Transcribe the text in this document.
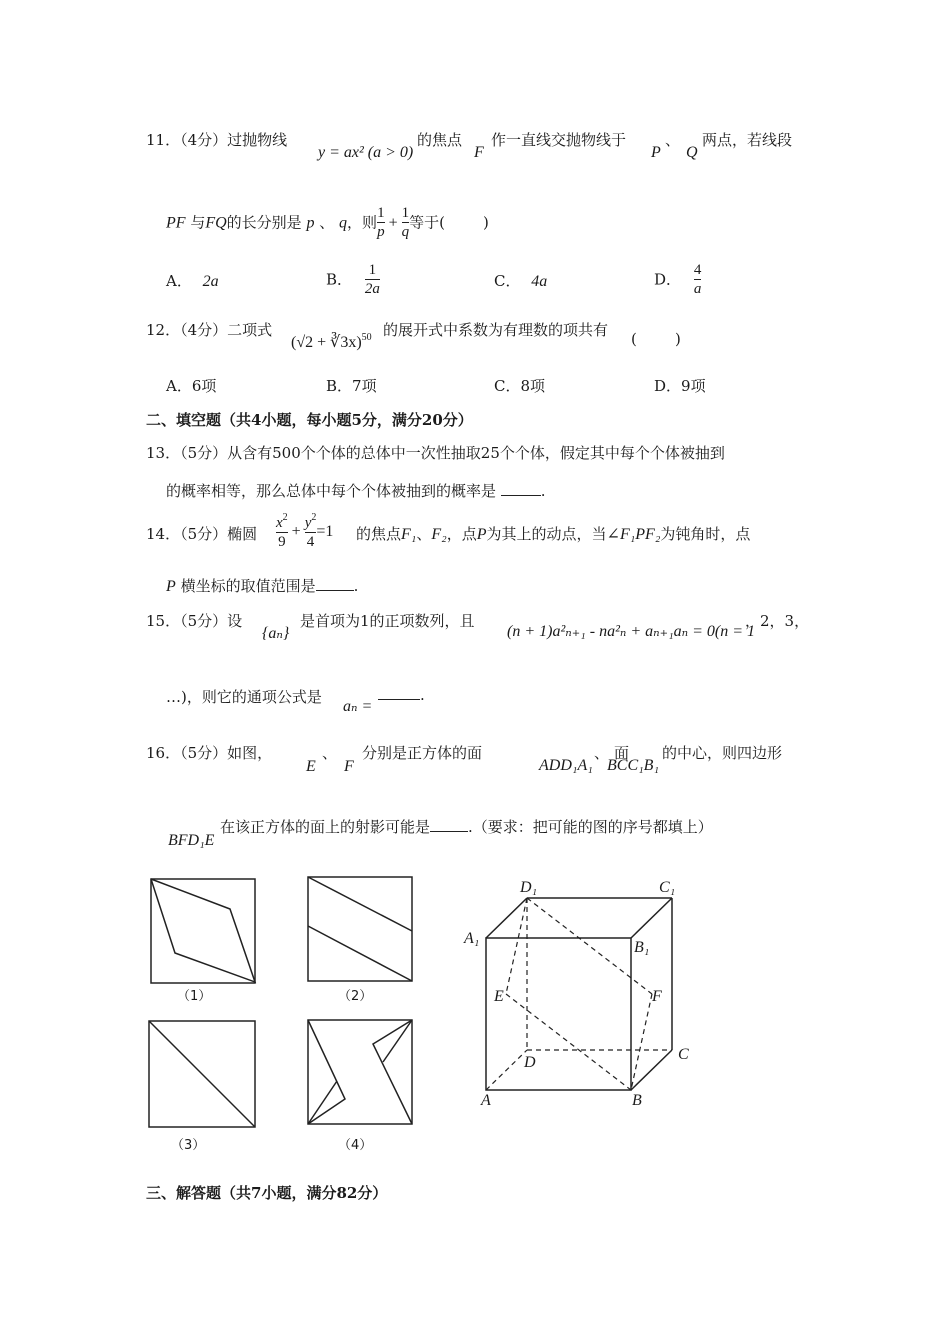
11．（4分）过抛物线
y = ax² (a > 0)
的焦点
F
作一直线交抛物线于
P
、
Q
两点，若线段
PF 与FQ的长分别是 p 、 q，则 $\frac{1}{p} + \frac{1}{q}$ 等于(	)
A． 2a	B． $\frac{1}{2a}$	C． 4a	D． $\frac{4}{a}$
12．（4分）二项式
(√2 + ∛3x)$^{50}$ 的展开式中系数为有理数的项共有 (        )
A．6项	B．7项	C．8项	D．9项
二、填空题（共4小题，每小题5分，满分20分）
13．（5分）从含有500个个体的总体中一次性抽取25个个体，假定其中每个个体被抽到
的概率相等，那么总体中每个个体被抽到的概率是	.
14．（5分）椭圆 $\frac{x^2}{9} + \frac{y^2}{4} =1$ 的焦点F₁、F₂，点P为其上的动点，当∠F₁PF₂为钝角时，点
P 横坐标的取值范围是	.
15．（5分）设
{aₙ}
是首项为1的正项数列，且
(n + 1)a²ₙ₊₁ - na²ₙ + aₙ₊₁aₙ = 0(n = 1
，2，3，
…)，则它的通项公式是
aₙ =
.
16．（5分）如图，
E
、
F
分别是正方体的面
ADD₁A₁
、 面
BCC₁B₁
的中心，则四边形
BFD₁E
在该正方体的面上的射影可能是	.（要求：把可能的图的序号都填上）
（1）	（2）
（3）	（4）
D₁	C₁
A₁
B₁
E	F
D	C
A	B
三、解答题（共7小题，满分82分）
